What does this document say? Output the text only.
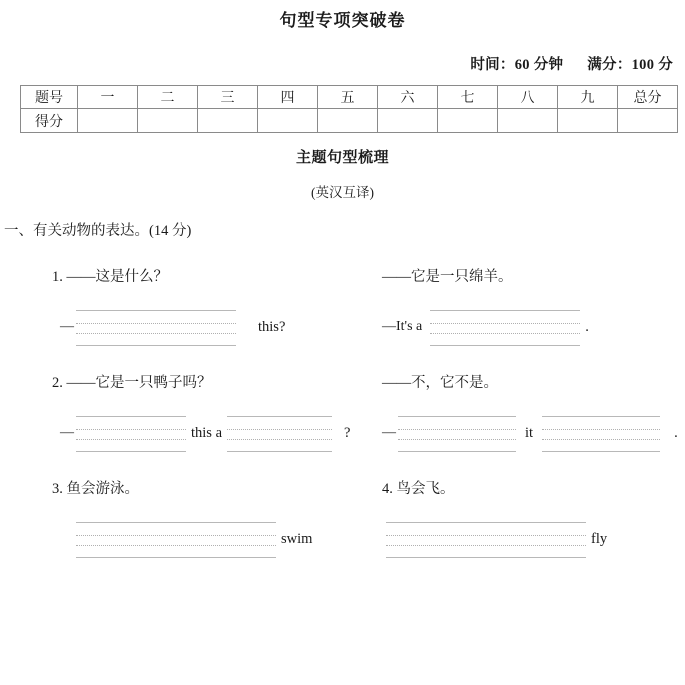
句型专项突破卷
时间：60 分钟 满分：100 分
题号	一	二	三	四	五	六	七	八	九	总分
得分										
主题句型梳理
(英汉互译)
一、有关动物的表达。(14 分)
1. ——这是什么？	——它是一只绵羊。
—	this?	—It's a	.
2. ——它是一只鸭子吗？	——不，它不是。
—	this a	? —	it	.
3. 鱼会游泳。	4. 鸟会飞。
swim	fly
